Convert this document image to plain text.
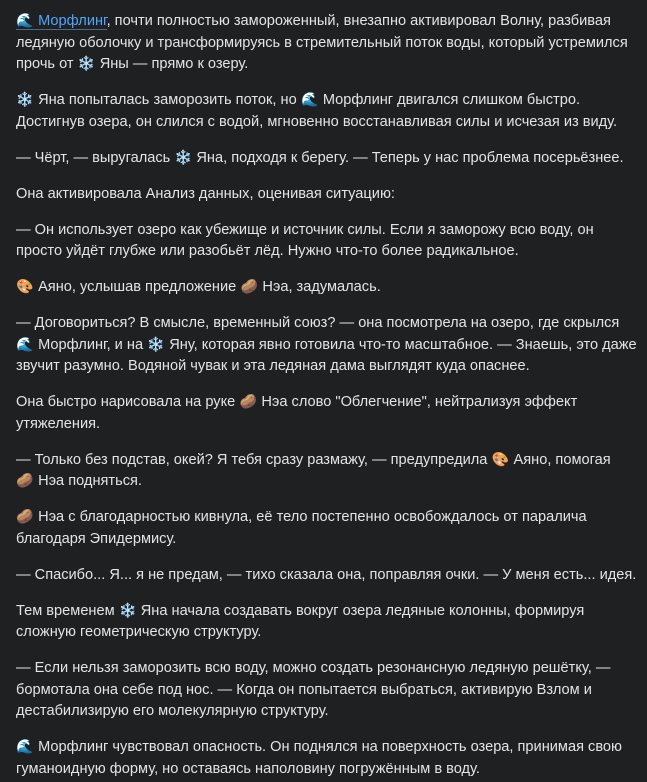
🌊 Морфлинг, почти полностью замороженный, внезапно активировал Волну, разбивая ледяную оболочку и трансформируясь в стремительный поток воды, который устремился прочь от ❄️ Яны — прямо к озеру.

❄️ Яна попыталась заморозить поток, но 🌊 Морфлинг двигался слишком быстро. Достигнув озера, он слился с водой, мгновенно восстанавливая силы и исчезая из виду.

— Чёрт, — выругалась ❄️ Яна, подходя к берегу. — Теперь у нас проблема посерьёзнее.

Она активировала Анализ данных, оценивая ситуацию:

— Он использует озеро как убежище и источник силы. Если я заморожу всю воду, он просто уйдёт глубже или разобьёт лёд. Нужно что-то более радикальное.

🎨 Аяно, услышав предложение 🥔 Нэа, задумалась.

— Договориться? В смысле, временный союз? — она посмотрела на озеро, где скрылся 🌊 Морфлинг, и на ❄️ Яну, которая явно готовила что-то масштабное. — Знаешь, это даже звучит разумно. Водяной чувак и эта ледяная дама выглядят куда опаснее.

Она быстро нарисовала на руке 🥔 Нэа слово "Облегчение", нейтрализуя эффект утяжеления.

— Только без подстав, окей? Я тебя сразу размажу, — предупредила 🎨 Аяно, помогая 🥔 Нэа подняться.

🥔 Нэа с благодарностью кивнула, её тело постепенно освобождалось от паралича благодаря Эпидермису.

— Спасибо... Я... я не предам, — тихо сказала она, поправляя очки. — У меня есть... идея.

Тем временем ❄️ Яна начала создавать вокруг озера ледяные колонны, формируя сложную геометрическую структуру.

— Если нельзя заморозить всю воду, можно создать резонансную ледяную решётку, — бормотала она себе под нос. — Когда он попытается выбраться, активирую Взлом и дестабилизирую его молекулярную структуру.

🌊 Морфлинг чувствовал опасность. Он поднялся на поверхность озера, принимая свою гуманоидную форму, но оставаясь наполовину погружённым в воду.
